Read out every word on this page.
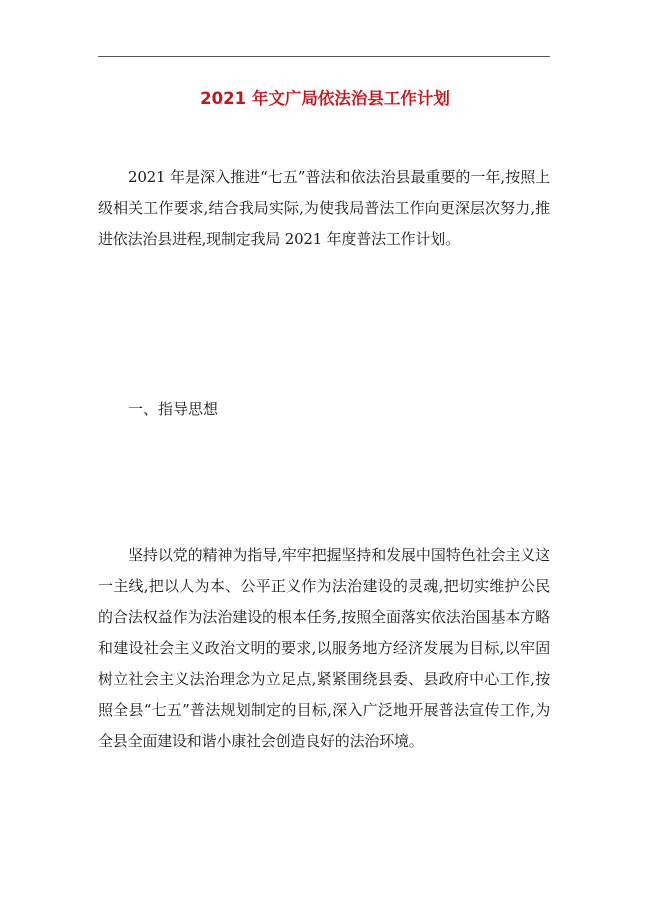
2021 年文广局依法治县工作计划

2021 年是深入推进“七五”普法和依法治县最重要的一年,按照上级相关工作要求,结合我局实际,为使我局普法工作向更深层次努力,推进依法治县进程,现制定我局 2021 年度普法工作计划。

一、指导思想

坚持以党的精神为指导,牢牢把握坚持和发展中国特色社会主义这一主线,把以人为本、公平正义作为法治建设的灵魂,把切实维护公民的合法权益作为法治建设的根本任务,按照全面落实依法治国基本方略和建设社会主义政治文明的要求,以服务地方经济发展为目标,以牢固树立社会主义法治理念为立足点,紧紧围绕县委、县政府中心工作,按照全县“七五”普法规划制定的目标,深入广泛地开展普法宣传工作,为全县全面建设和谐小康社会创造良好的法治环境。
